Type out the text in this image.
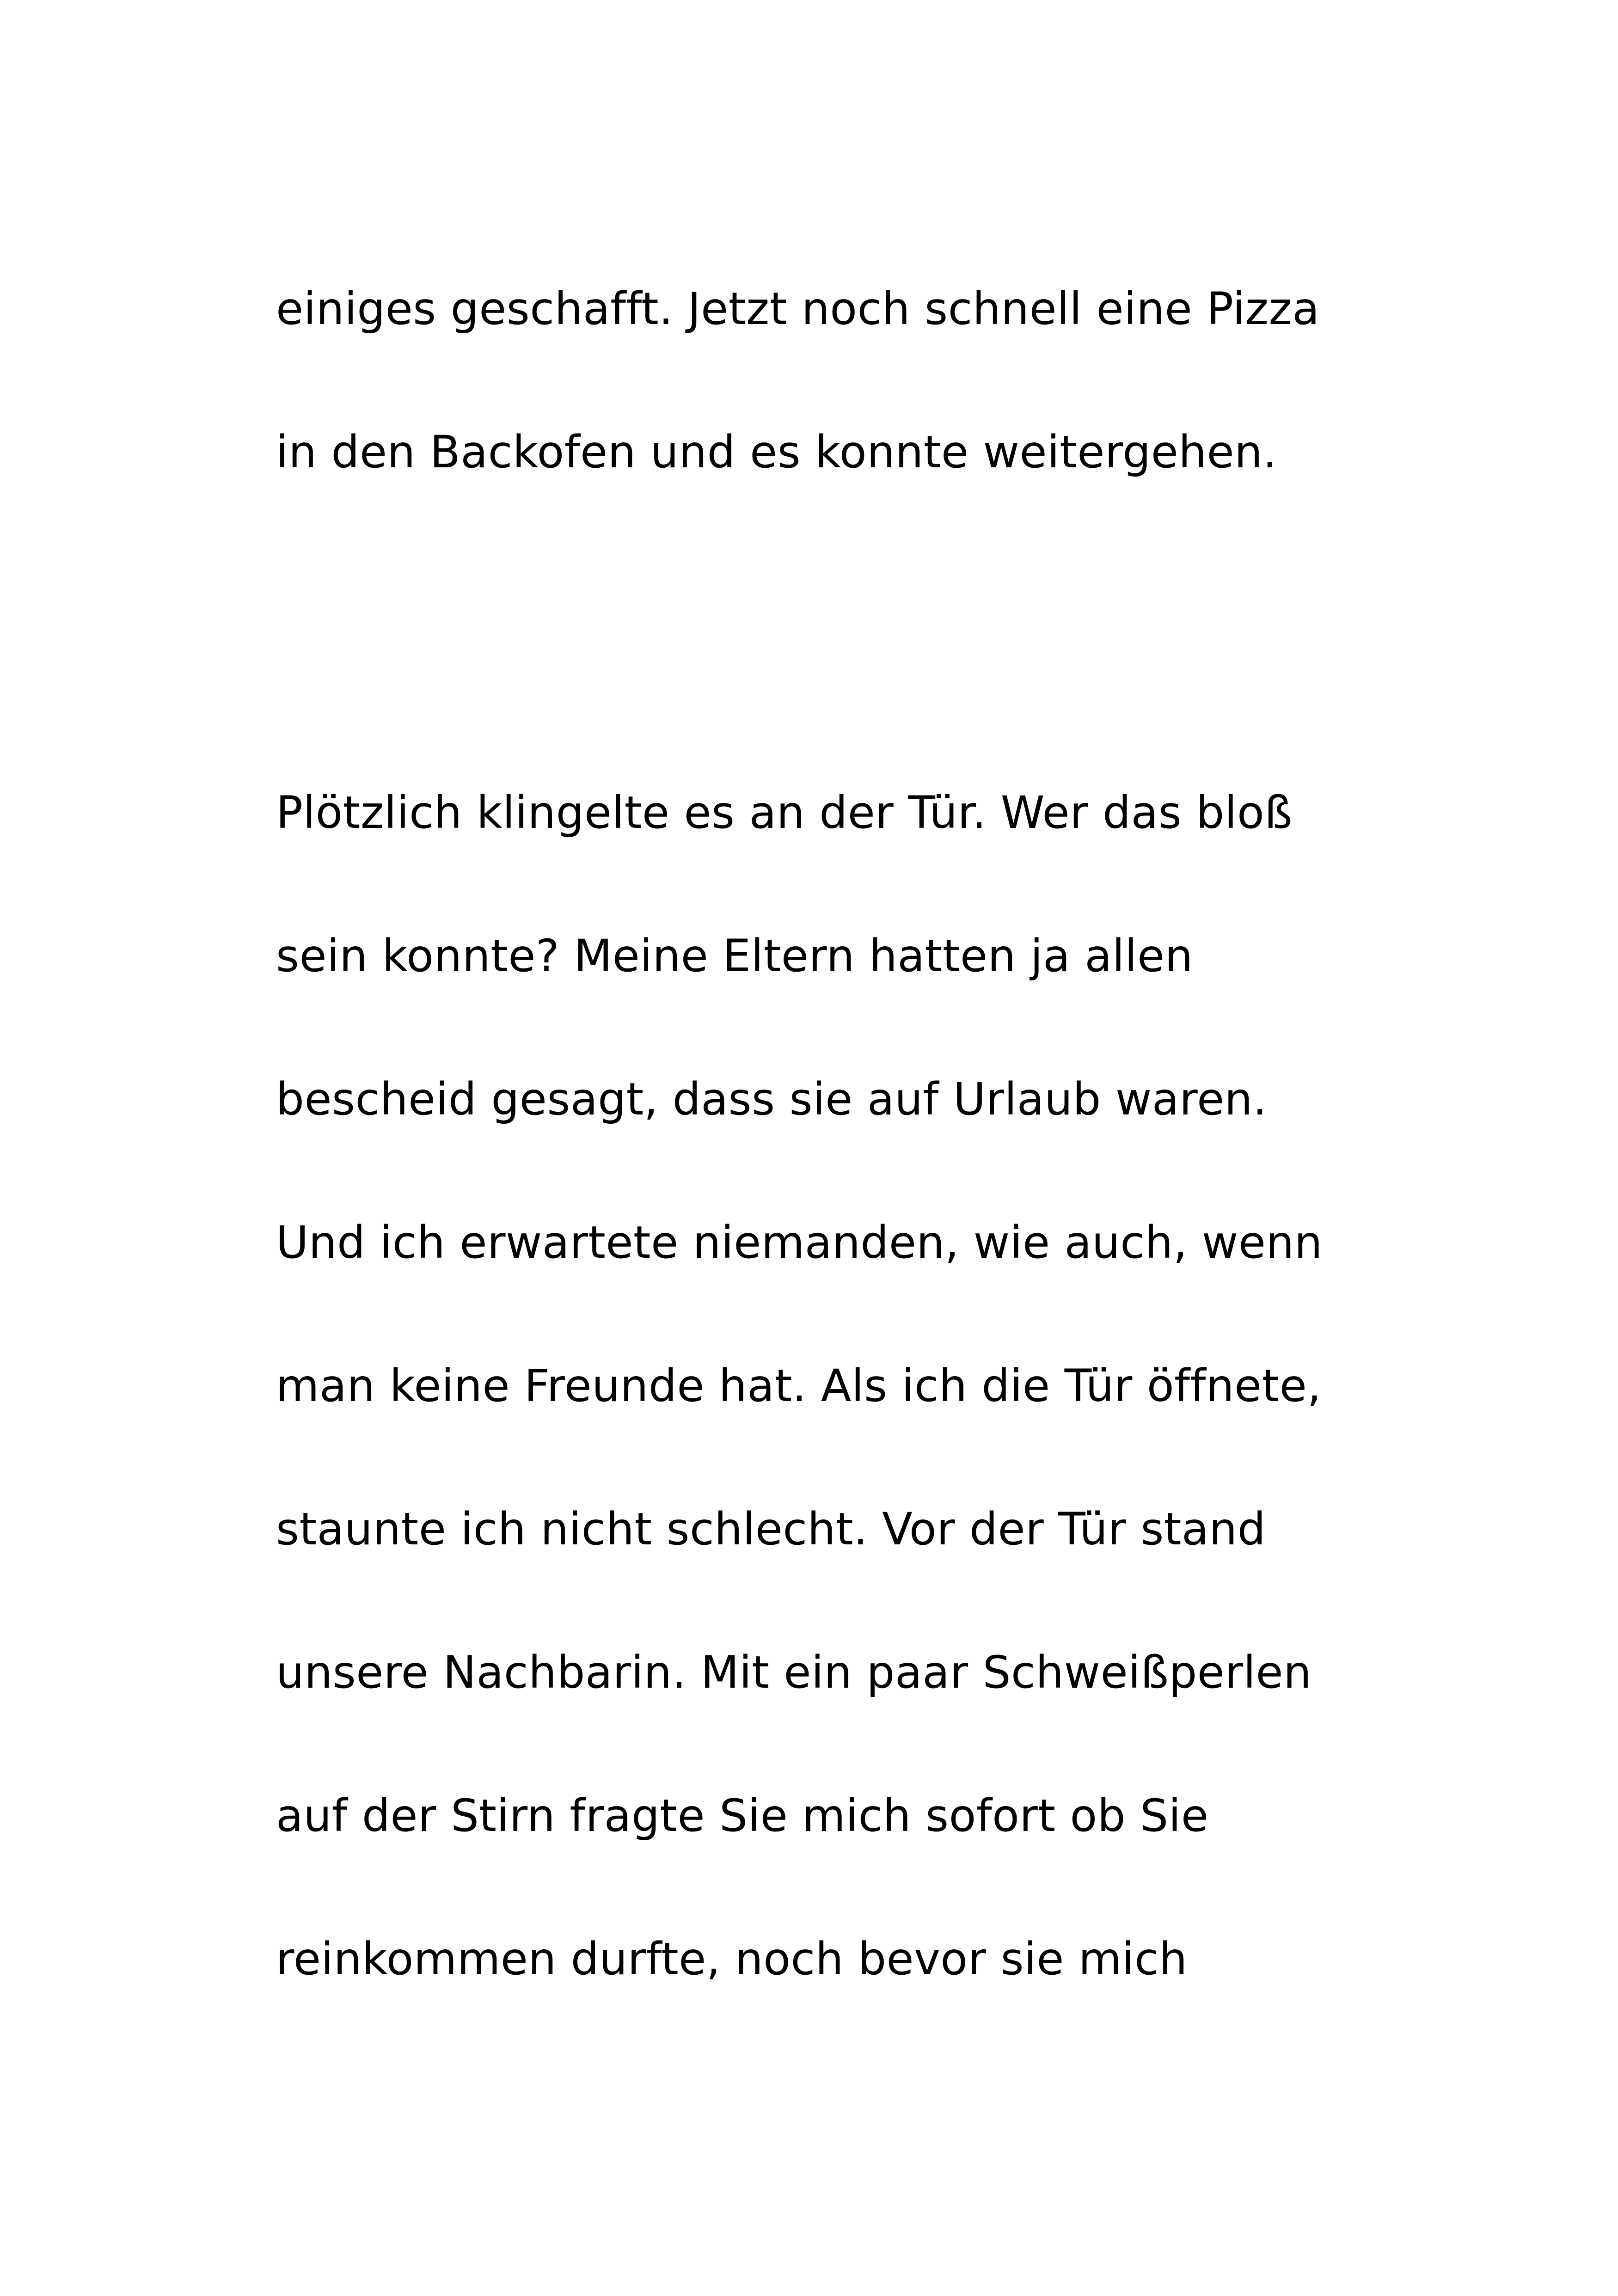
einiges geschafft. Jetzt noch schnell eine Pizza
in den Backofen und es konnte weitergehen.
Plötzlich klingelte es an der Tür. Wer das bloß
sein konnte? Meine Eltern hatten ja allen
bescheid gesagt, dass sie auf Urlaub waren.
Und ich erwartete niemanden, wie auch, wenn
man keine Freunde hat. Als ich die Tür öffnete,
staunte ich nicht schlecht. Vor der Tür stand
unsere Nachbarin. Mit ein paar Schweißperlen
auf der Stirn fragte Sie mich sofort ob Sie
reinkommen durfte, noch bevor sie mich
